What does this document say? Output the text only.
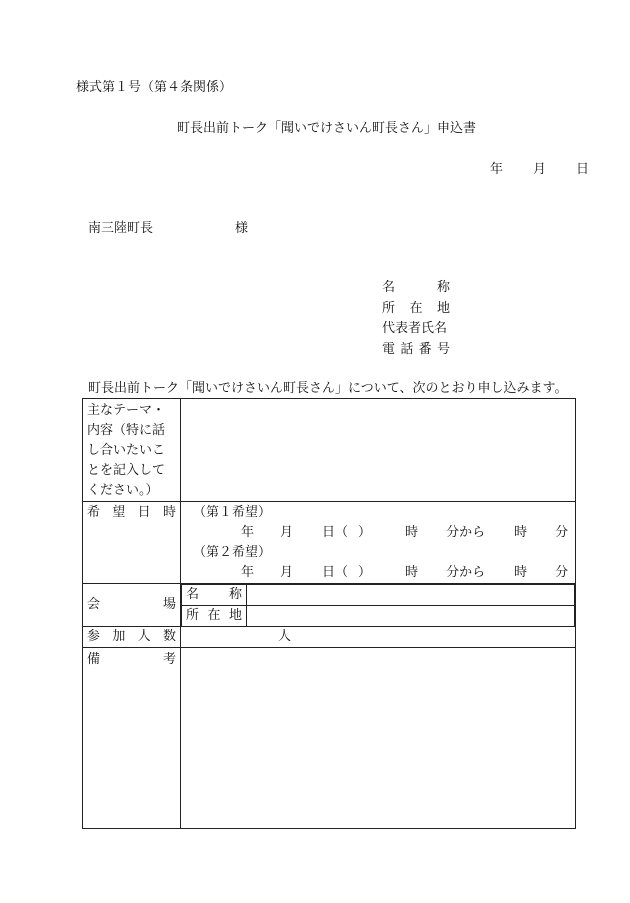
様式第１号（第４条関係）
町長出前トーク「聞いでけさいん町長さん」申込書
年 月 日
南三陸町長	様
名	称
所 在 地
代表者氏名
電 話 番 号
町長出前トーク「聞いでけさいん町長さん」について、次のとおり申し込みます。
主なテーマ・内容（特に話し合いたいことを記入してください。）	

希 望 日 時	（第１希望）
年 月 日（ ）	時 分から 時 分
（第２希望）
年 月 日（ ）	時 分から 時 分

会	場

名 称

所 在 地

参 加 人 数	人

備	考
